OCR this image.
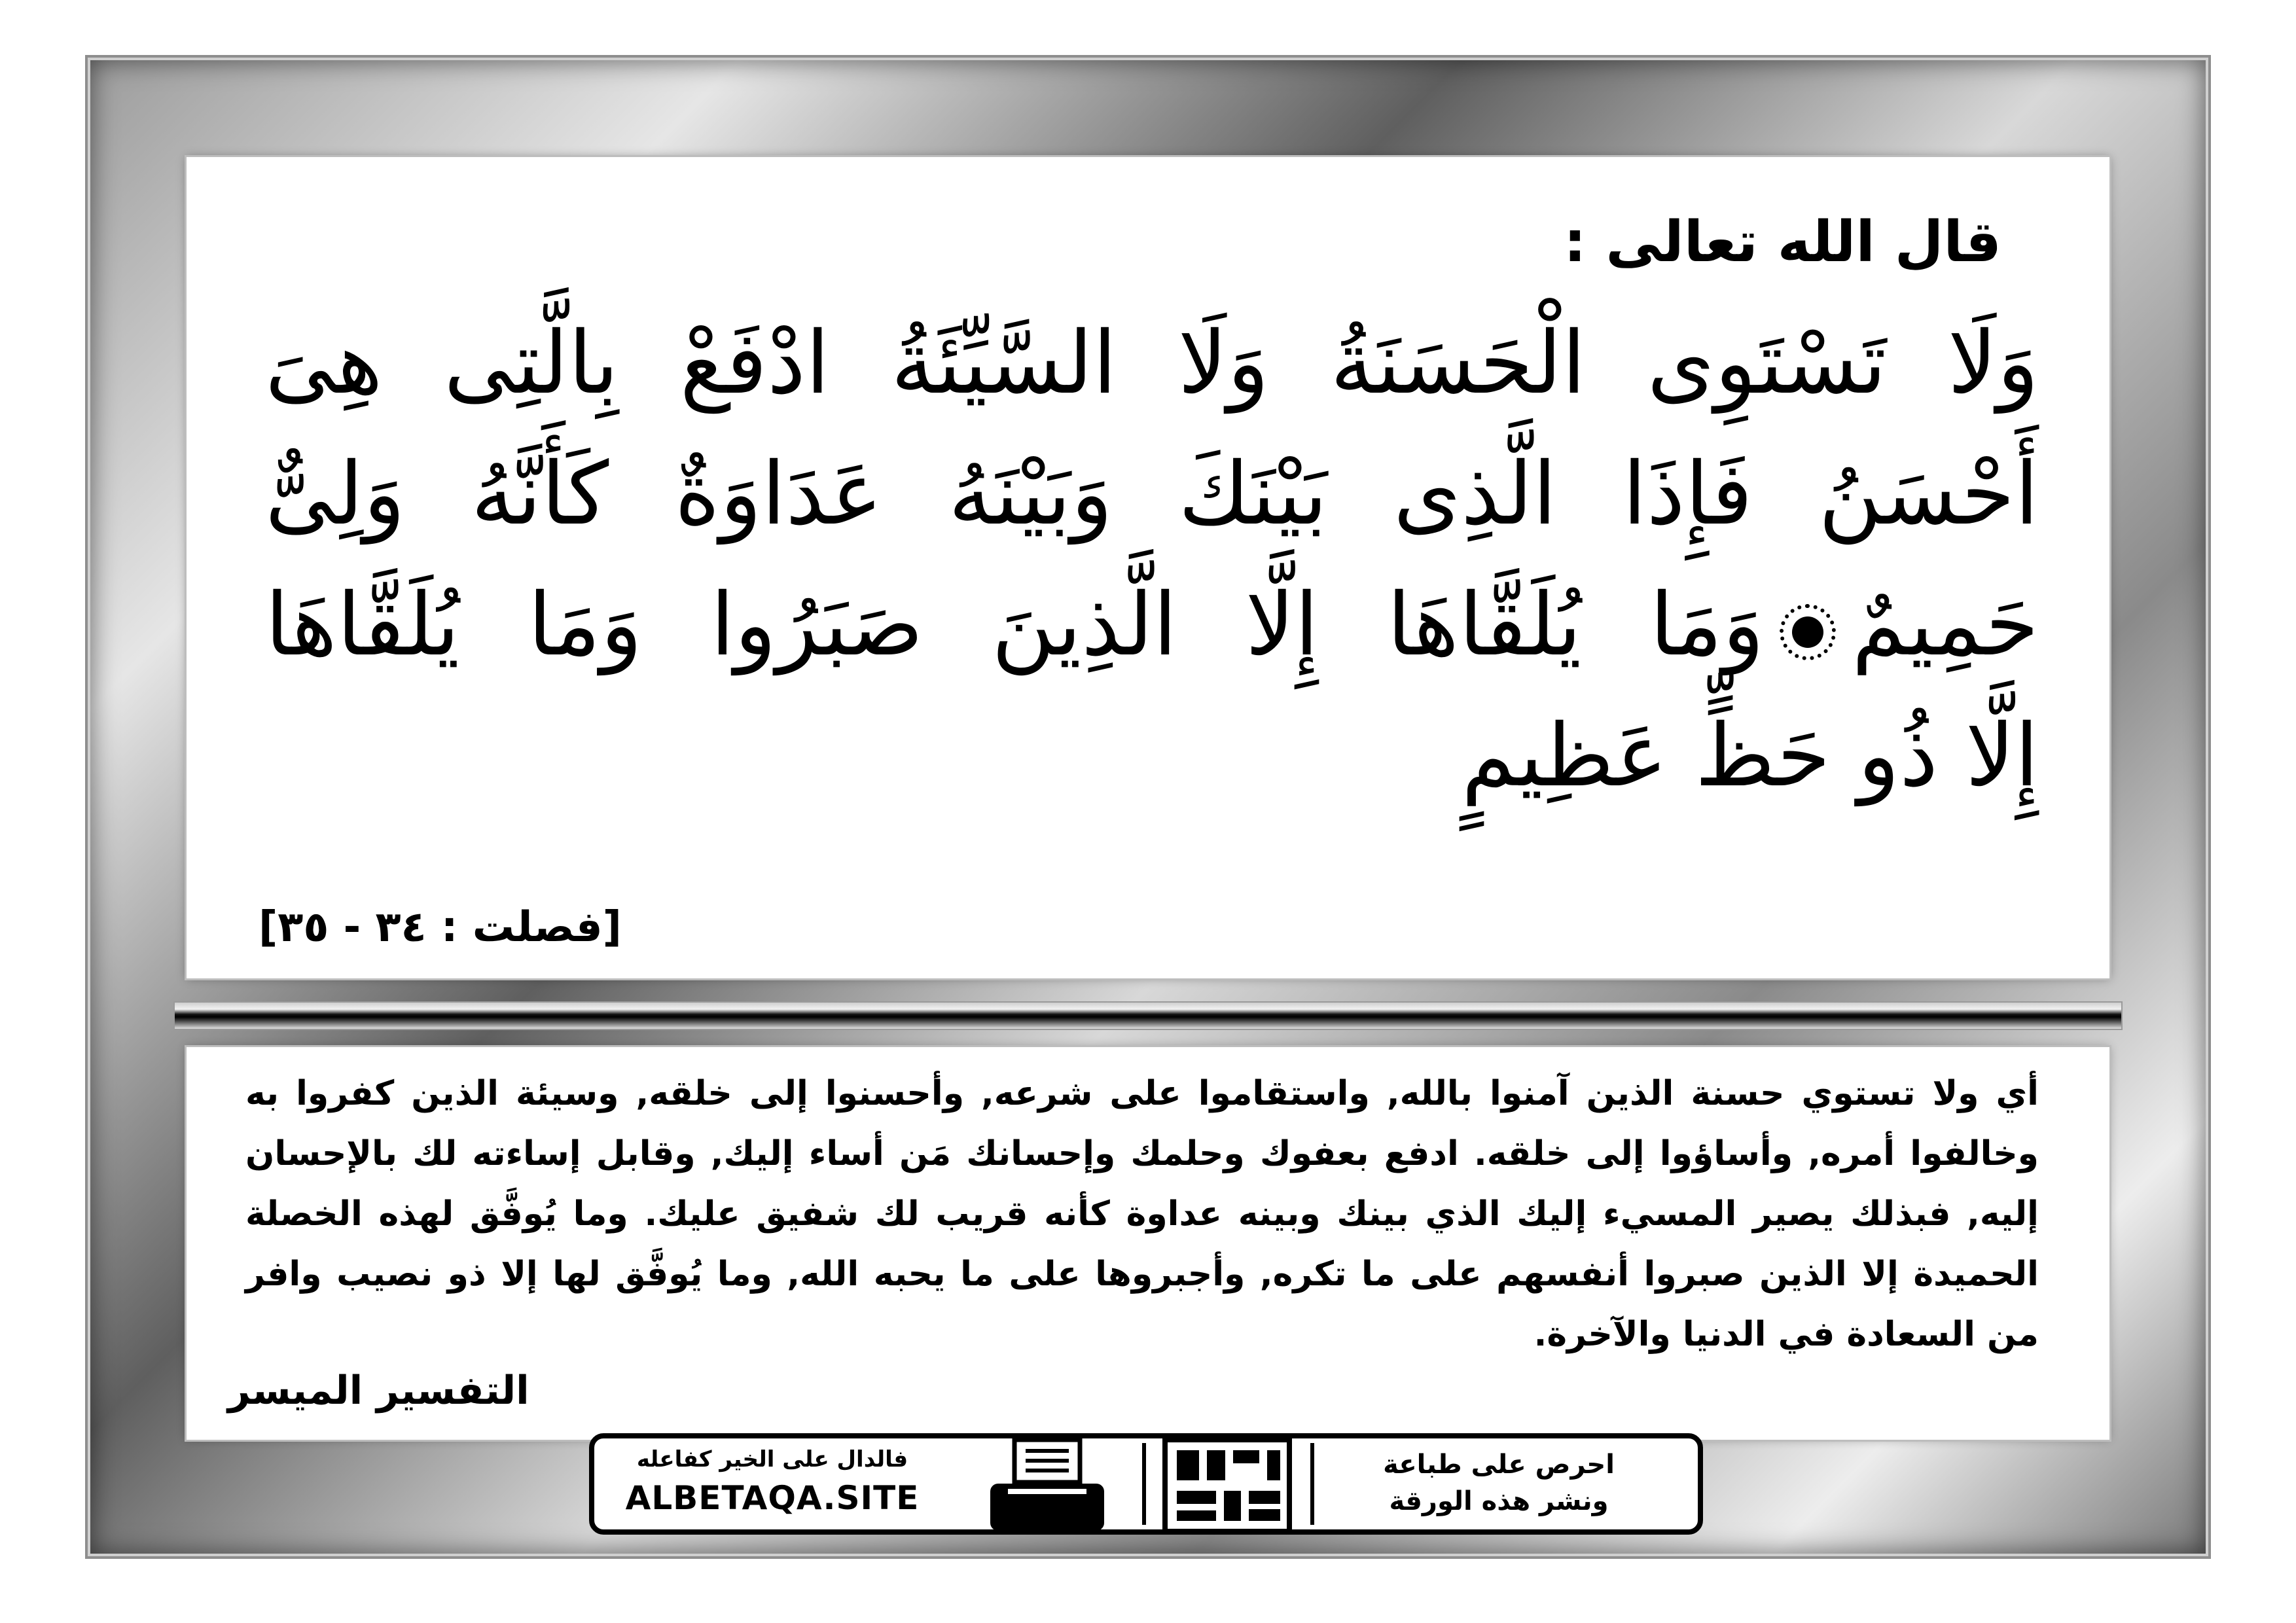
قال الله تعالى :
وَلَا تَسْتَوِى الْحَسَنَةُ وَلَا السَّيِّئَةُ ادْفَعْ بِالَّتِى هِىَ
أَحْسَنُ فَإِذَا الَّذِى بَيْنَكَ وَبَيْنَهُ عَدَاوَةٌ كَأَنَّهُ وَلِىٌّ
حَمِيمٌوَمَا يُلَقَّاهَا إِلَّا الَّذِينَ صَبَرُوا وَمَا يُلَقَّاهَا
إِلَّا ذُو حَظٍّ عَظِيمٍ
[فصلت : ٣٤ - ٣٥]
أي ولا تستوي حسنة الذين آمنوا بالله, واستقاموا على شرعه, وأحسنوا إلى خلقه, وسيئة الذين كفروا به وخالفوا أمره, وأساؤوا إلى خلقه. ادفع بعفوك وحلمك وإحسانك مَن أساء إليك, وقابل إساءته لك بالإحسان إليه, فبذلك يصير المسيء إليك الذي بينك وبينه عداوة كأنه قريب لك شفيق عليك. وما يُوفَّق لهذه الخصلة الحميدة إلا الذين صبروا أنفسهم على ما تكره, وأجبروها على ما يحبه الله, وما يُوفَّق لها إلا ذو نصيب وافر من السعادة في الدنيا والآخرة.
التفسير الميسر
فالدال على الخير كفاعله
ALBETAQA.SITE
احرص على طباعة
ونشر هذه الورقة
